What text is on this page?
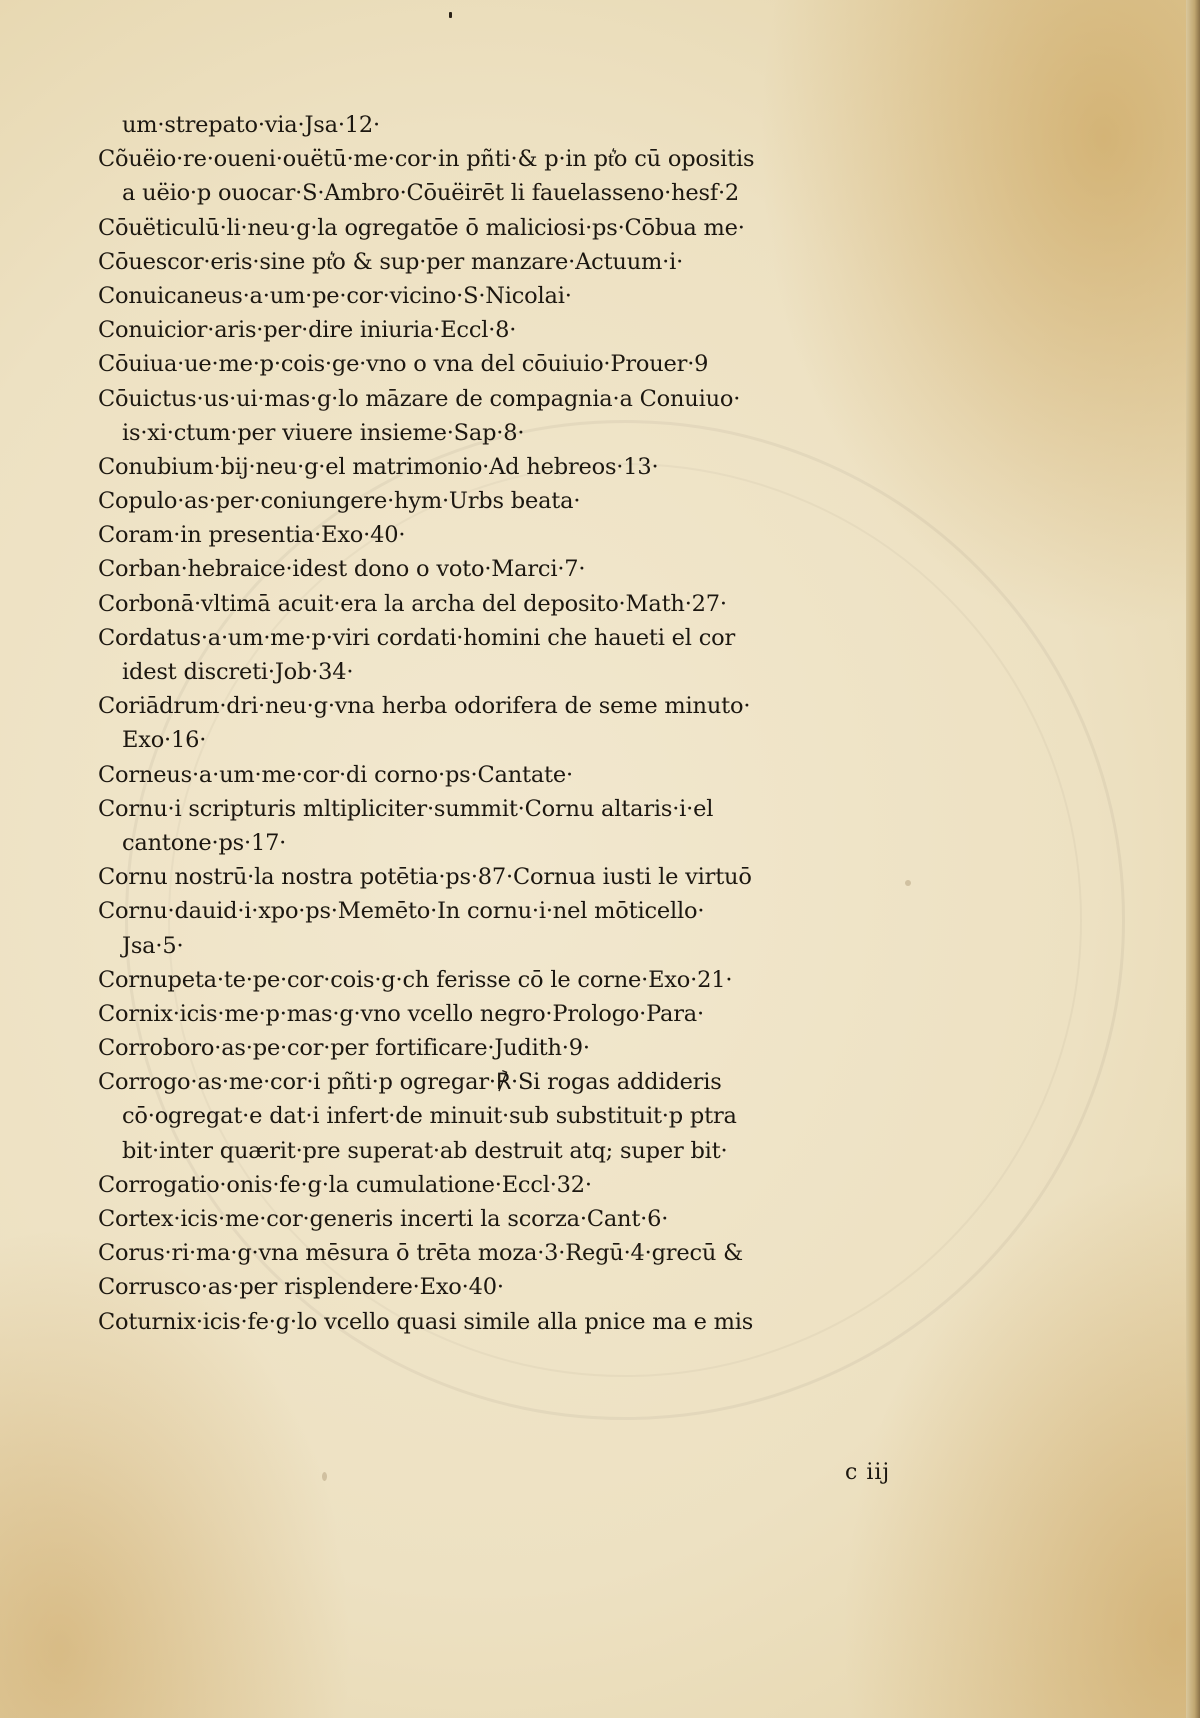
um·strepato·via·Jsa·12·
Cõuëio·re·oueni·ouëtū·me·cor·in pñti·& p·in pt͛o cū opositis
a uëio·p ouocar·S·Ambro·Cōuëirēt li fauelasseno·hesf·2
Cōuëticulū·li·neu·g·la ogregatōe ō maliciosi·ps·Cōbua me·
Cōuescor·eris·sine pt͛o & sup·per manzare·Actuum·i·
Conuicaneus·a·um·pe·cor·vicino·S·Nicolai·
Conuicior·aris·per·dire iniuria·Eccl·8·
Cōuiua·ue·me·p·cois·ge·vno o vna del cōuiuio·Prouer·9
Cōuictus·us·ui·mas·g·lo māzare de compagnia·a Conuiuo·
is·xi·ctum·per viuere insieme·Sap·8·
Conubium·bij·neu·g·el matrimonio·Ad hebreos·13·
Copulo·as·per·coniungere·hym·Urbs beata·
Coram·in presentia·Exo·40·
Corban·hebraice·idest dono o voto·Marci·7·
Corbonā·vltimā acuit·era la archa del deposito·Math·27·
Cordatus·a·um·me·p·viri cordati·homini che haueti el cor
idest discreti·Job·34·
Coriādrum·dri·neu·g·vna herba odorifera de seme minuto·
Exo·16·
Corneus·a·um·me·cor·di corno·ps·Cantate·
Cornu·i scripturis mltipliciter·summit·Cornu altaris·i·el
cantone·ps·17·
Cornu nostrū·la nostra potētia·ps·87·Cornua iusti le virtuō
Cornu·dauid·i·xpo·ps·Memēto·In cornu·i·nel mōticello·
Jsa·5·
Cornupeta·te·pe·cor·cois·g·ch ferisse cō le corne·Exo·21·
Cornix·icis·me·p·mas·g·vno vcello negro·Prologo·Para·
Corroboro·as·pe·cor·per fortificare·Judith·9·
Corrogo·as·me·cor·i pñti·p ogregar·℟·Si rogas addideris
cō·ogregat·e dat·i infert·de minuit·sub substituit·p ptra
bit·inter quærit·pre superat·ab destruit atq; super bit·
Corrogatio·onis·fe·g·la cumulatione·Eccl·32·
Cortex·icis·me·cor·generis incerti la scorza·Cant·6·
Corus·ri·ma·g·vna mēsura ō trēta moza·3·Regū·4·grecū &
Corrusco·as·per risplendere·Exo·40·
Coturnix·icis·fe·g·lo vcello quasi simile alla pnice ma e mis
c iij
